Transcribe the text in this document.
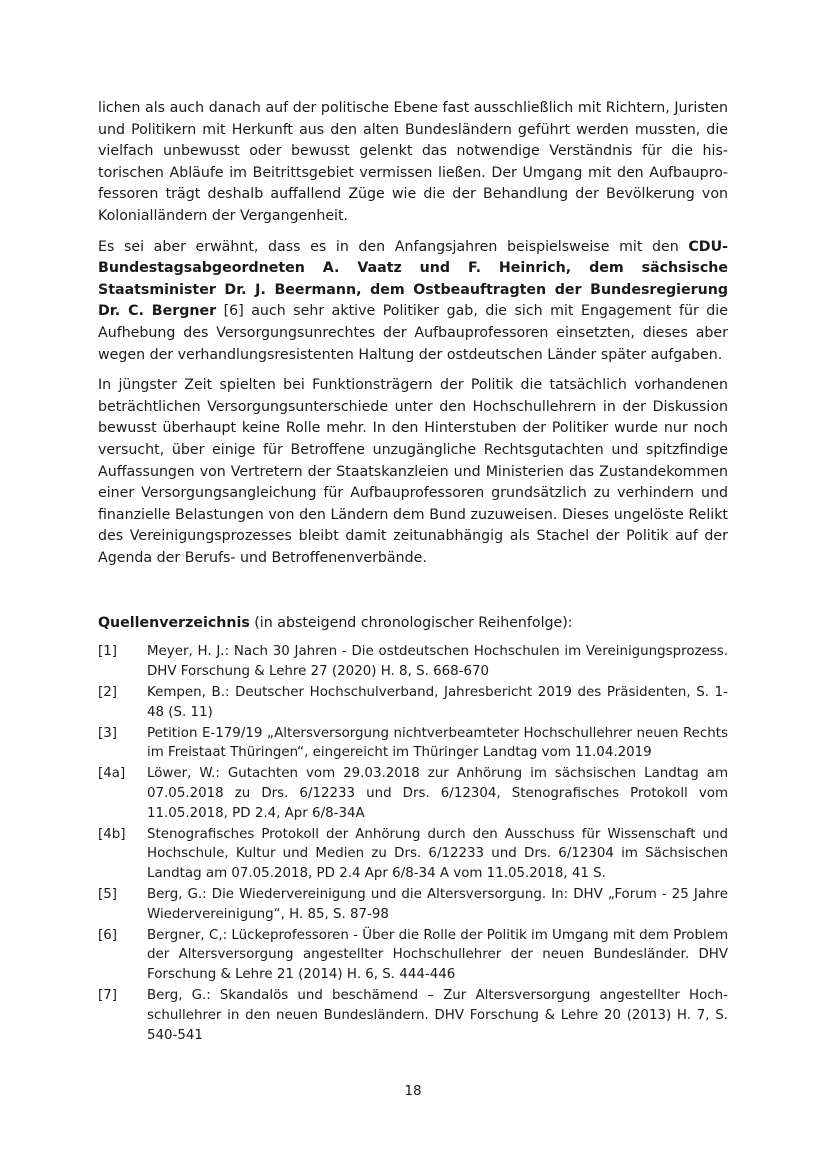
lichen als auch danach auf der politische Ebene fast ausschließlich mit Richtern, Juristen und Politikern mit Herkunft aus den alten Bundesländern geführt werden mussten, die vielfach unbewusst oder bewusst gelenkt das notwendige Verständnis für die historischen Abläufe im Beitrittsgebiet vermissen ließen. Der Umgang mit den Aufbauprofessoren trägt deshalb auffallend Züge wie die der Behandlung der Bevölkerung von Kolonialländern der Vergangenheit.

Es sei aber erwähnt, dass es in den Anfangsjahren beispielsweise mit den CDU-Bundestagsabgeordneten A. Vaatz und F. Heinrich, dem sächsische Staatsminister Dr. J. Beermann, dem Ostbeauftragten der Bundesregierung Dr. C. Bergner [6] auch sehr aktive Politiker gab, die sich mit Engagement für die Aufhebung des Versorgungsunrechtes der Aufbauprofessoren einsetzten, dieses aber wegen der verhandlungsresistenten Haltung der ostdeutschen Länder später aufgaben.

In jüngster Zeit spielten bei Funktionsträgern der Politik die tatsächlich vorhandenen beträchtlichen Versorgungsunterschiede unter den Hochschullehrern in der Diskussion bewusst überhaupt keine Rolle mehr. In den Hinterstuben der Politiker wurde nur noch versucht, über einige für Betroffene unzugängliche Rechtsgutachten und spitzfindige Auffassungen von Vertretern der Staatskanzleien und Ministerien das Zustandekommen einer Versorgungsangleichung für Aufbauprofessoren grundsätzlich zu verhindern und finanzielle Belastungen von den Ländern dem Bund zuzuweisen. Dieses ungelöste Relikt des Vereinigungsprozesses bleibt damit zeitunabhängig als Stachel der Politik auf der Agenda der Berufs- und Betroffenenverbände.

Quellenverzeichnis (in absteigend chronologischer Reihenfolge):
[1]	Meyer, H. J.: Nach 30 Jahren - Die ostdeutschen Hochschulen im Vereinigungsprozess. DHV Forschung & Lehre 27 (2020) H. 8, S. 668-670
[2]	Kempen, B.: Deutscher Hochschulverband, Jahresbericht 2019 des Präsidenten, S. 1-48 (S. 11)
[3]	Petition E-179/19 „Altersversorgung nichtverbeamteter Hochschullehrer neuen Rechts im Freistaat Thüringen“, eingereicht im Thüringer Landtag vom 11.04.2019
[4a]	Löwer, W.: Gutachten vom 29.03.2018 zur Anhörung im sächsischen Landtag am 07.05.2018 zu Drs. 6/12233 und Drs. 6/12304, Stenografisches Protokoll vom 11.05.2018, PD 2.4, Apr 6/8-34A
[4b]	Stenografisches Protokoll der Anhörung durch den Ausschuss für Wissenschaft und Hochschule, Kultur und Medien zu Drs. 6/12233 und Drs. 6/12304 im Sächsischen Landtag am 07.05.2018, PD 2.4 Apr 6/8-34 A vom 11.05.2018, 41 S.
[5]	Berg, G.: Die Wiedervereinigung und die Altersversorgung. In: DHV „Forum - 25 Jahre Wiedervereinigung“, H. 85, S. 87-98
[6]	Bergner, C,: Lückeprofessoren - Über die Rolle der Politik im Umgang mit dem Problem der Altersversorgung angestellter Hochschullehrer der neuen Bundesländer. DHV Forschung & Lehre 21 (2014) H. 6, S. 444-446
[7]	Berg, G.: Skandalös und beschämend – Zur Altersversorgung angestellter Hochschullehrer in den neuen Bundesländern. DHV Forschung & Lehre 20 (2013) H. 7, S. 540-541
18
